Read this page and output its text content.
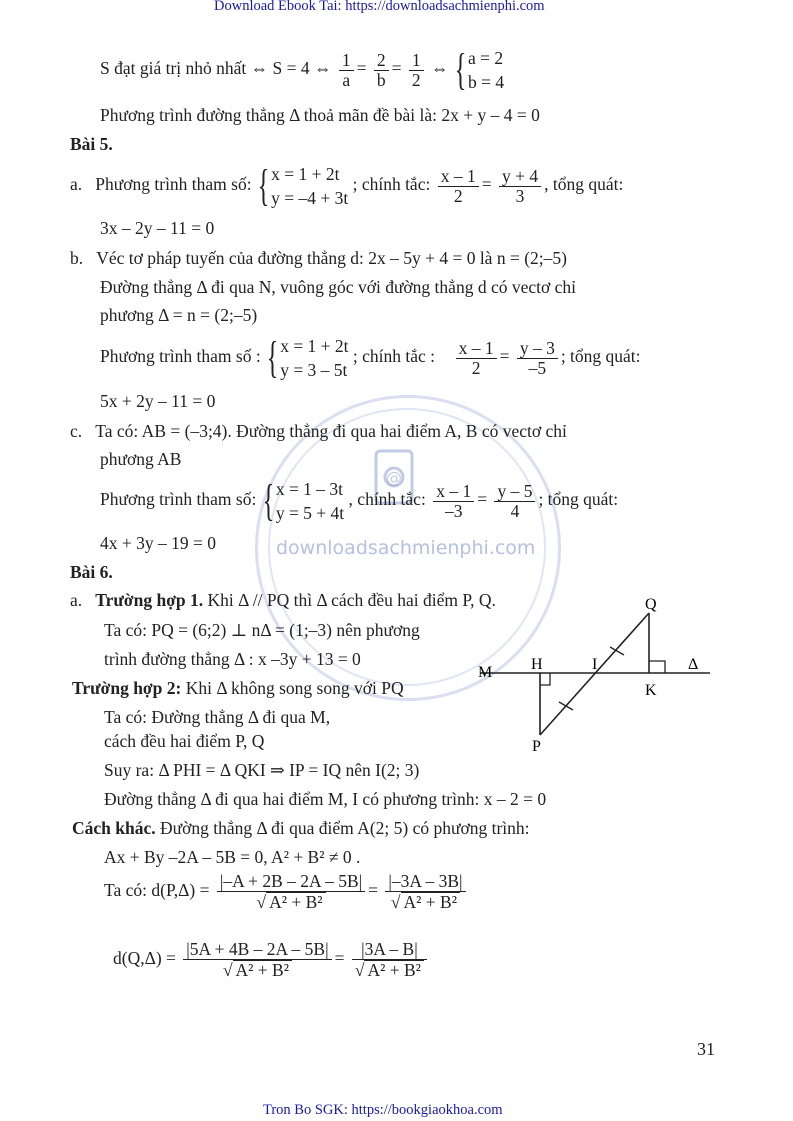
Download Ebook Tai: https://downloadsachmienphi.com
@
downloadsachmienphi.com
S đạt giá trị nhỏ nhất ⇔ S = 4 ⇔ $\frac{1}{a} = \frac{2}{b} = \frac{1}{2}$ ⇔ { a = 2
b = 4
Phương trình đường thẳng Δ thoả mãn đề bài là: 2x + y – 4 = 0
Bài 5.
a. Phương trình tham số: { x = 1 + 2t
y = –4 + 3t
; chính tắc: $\frac{x - 1}{2} = \frac{y + 4}{3}$ , tổng quát:
3x – 2y – 11 = 0
b. Véc tơ pháp tuyến của đường thẳng d: 2x – 5y + 4 = 0 là n = (2;–5)
Đường thẳng Δ đi qua N, vuông góc với đường thẳng d có vectơ chỉ
phương Δ = n = (2;–5)
Phương trình tham số : { x = 1 + 2t
y = 3 – 5t
; chính tắc : $\frac{x - 1}{2} = \frac{y - 3}{-5}$ ; tổng quát:
5x + 2y – 11 = 0
c. Ta có: AB = (–3;4). Đường thẳng đi qua hai điểm A, B có vectơ chỉ
phương AB
Phương trình tham số: { x = 1 – 3t
y = 5 + 4t
, chính tắc: $\frac{x - 1}{-3} = \frac{y - 5}{4}$ ; tổng quát:
4x + 3y – 19 = 0
Bài 6.
a. Trường hợp 1. Khi Δ // PQ thì Δ cách đều hai điểm P, Q.
Ta có: PQ = (6;2) ⊥ nΔ = (1;–3) nên phương
trình đường thẳng Δ : x –3y + 13 = 0
Trường hợp 2: Khi Δ không song song với PQ
Ta có: Đường thẳng Δ đi qua M,
cách đều hai điểm P, Q
Suy ra: Δ PHI = Δ QKI ⇒ IP = IQ nên I(2; 3)
Đường thẳng Δ đi qua hai điểm M, I có phương trình: x – 2 = 0
Cách khác. Đường thẳng Δ đi qua điểm A(2; 5) có phương trình:
Ax + By –2A – 5B = 0, A² + B² ≠ 0 .
Ta có: $d(P,\Delta) = \frac{|-A + 2B - 2A - 5B|}{\text{√ A² + B²}} = \frac{|-3A - 3B|}{\text{√ A² + B²}}$
$d(Q,\Delta) = \frac{|5A + 4B - 2A - 5B|}{\text{√ A² + B²}} = \frac{|3A - B|}{\text{√ A² + B²}}$
Q
M H	I	Δ
K
P
31
Tron Bo SGK: https://bookgiaokhoa.com
